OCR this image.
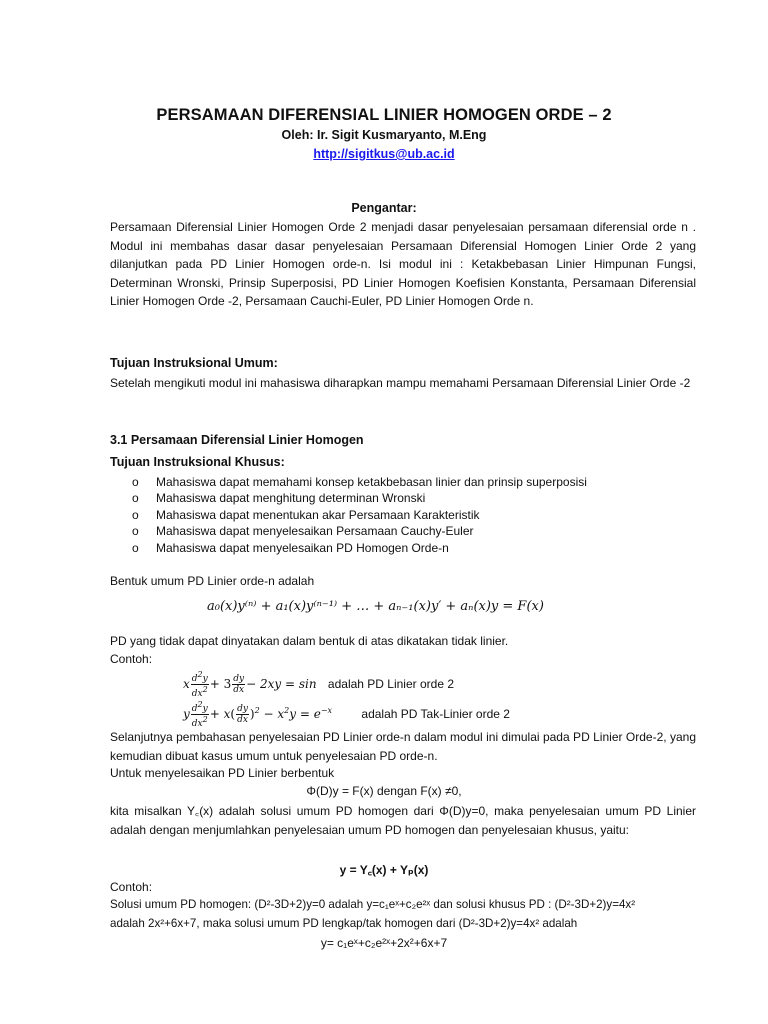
PERSAMAAN DIFERENSIAL LINIER HOMOGEN ORDE – 2
Oleh: Ir. Sigit Kusmaryanto, M.Eng
http://sigitkus@ub.ac.id
Pengantar:
Persamaan Diferensial Linier Homogen Orde 2 menjadi dasar penyelesaian persamaan diferensial orde n . Modul ini membahas dasar dasar penyelesaian Persamaan Diferensial Homogen Linier Orde 2 yang dilanjutkan pada PD Linier Homogen orde-n. Isi modul ini : Ketakbebasan Linier Himpunan Fungsi, Determinan Wronski, Prinsip Superposisi, PD Linier Homogen Koefisien Konstanta, Persamaan Diferensial Linier Homogen Orde -2, Persamaan Cauchi-Euler, PD Linier Homogen Orde n.
Tujuan Instruksional Umum:
Setelah mengikuti modul ini mahasiswa diharapkan mampu memahami Persamaan Diferensial Linier Orde -2
3.1 Persamaan Diferensial Linier Homogen
Tujuan Instruksional Khusus:
o Mahasiswa dapat memahami konsep ketakbebasan linier dan prinsip superposisi
o Mahasiswa dapat menghitung determinan Wronski
o Mahasiswa dapat menentukan akar Persamaan Karakteristik
o Mahasiswa dapat menyelesaikan Persamaan Cauchy-Euler
o Mahasiswa dapat menyelesaikan PD Homogen Orde-n
Bentuk umum PD Linier orde-n adalah
a₀(x)y⁽ⁿ⁾ + a₁(x)y⁽ⁿ⁻¹⁾ + … + aₙ₋₁(x)y′ + aₙ(x)y = F(x)
PD yang tidak dapat dinyatakan dalam bentuk di atas dikatakan tidak linier.
Contoh:
x $\frac{d^2y}{dx^2} + 3 \frac{dy}{dx} - 2xy = \sin$ adalah PD Linier orde 2
y $\frac{d^2y}{dx^2} + x( \frac{dy}{dx} )^2 - x^2y = e^{-x}$ adalah PD Tak-Linier orde 2
Selanjutnya pembahasan penyelesaian PD Linier orde-n dalam modul ini dimulai pada PD Linier Orde-2, yang kemudian dibuat kasus umum untuk penyelesaian PD orde-n.
Untuk menyelesaikan PD Linier berbentuk
Φ(D)y = F(x) dengan F(x) ≠0,
kita misalkan Y꜀(x) adalah solusi umum PD homogen dari Φ(D)y=0, maka penyelesaian umum PD Linier adalah dengan menjumlahkan penyelesaian umum PD homogen dan penyelesaian khusus, yaitu:
y = Y꜀(x) + Yₚ(x)
Contoh:
Solusi umum PD homogen: (D²-3D+2)y=0 adalah y=c₁eˣ+c₂e²ˣ dan solusi khusus PD : (D²-3D+2)y=4x²
adalah 2x²+6x+7, maka solusi umum PD lengkap/tak homogen dari (D²-3D+2)y=4x² adalah
y= c₁eˣ+c₂e²ˣ+2x²+6x+7
